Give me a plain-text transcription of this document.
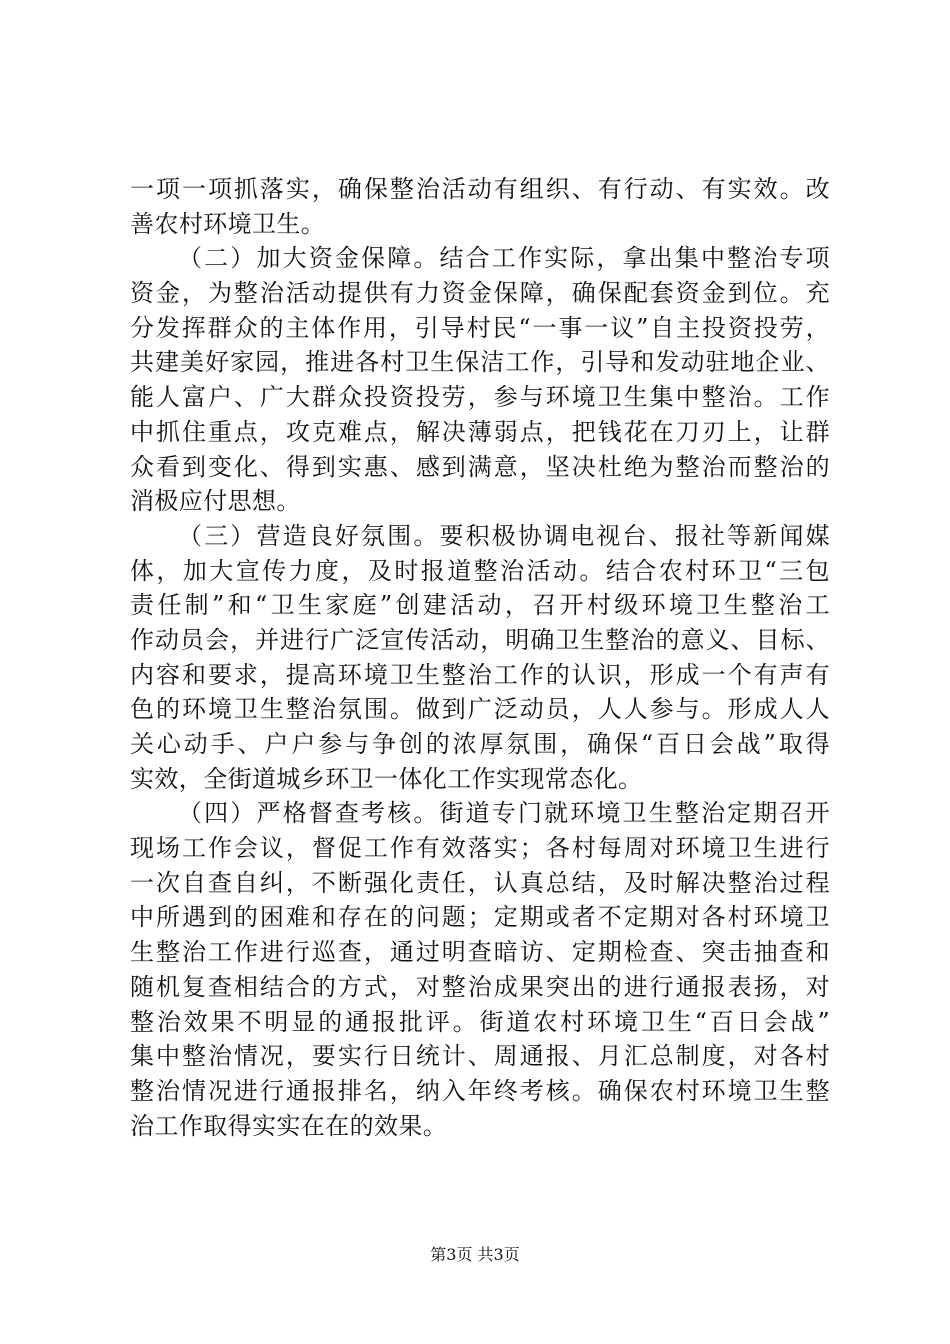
一项一项抓落实，确保整治活动有组织、有行动、有实效。改
善农村环境卫生。
（二）加大资金保障。结合工作实际，拿出集中整治专项
资金，为整治活动提供有力资金保障，确保配套资金到位。充
分发挥群众的主体作用，引导村民“一事一议”自主投资投劳，
共建美好家园，推进各村卫生保洁工作，引导和发动驻地企业、
能人富户、广大群众投资投劳，参与环境卫生集中整治。工作
中抓住重点，攻克难点，解决薄弱点，把钱花在刀刃上，让群
众看到变化、得到实惠、感到满意，坚决杜绝为整治而整治的
消极应付思想。
（三）营造良好氛围。要积极协调电视台、报社等新闻媒
体，加大宣传力度，及时报道整治活动。结合农村环卫“三包
责任制”和“卫生家庭”创建活动，召开村级环境卫生整治工
作动员会，并进行广泛宣传活动，明确卫生整治的意义、目标、
内容和要求，提高环境卫生整治工作的认识，形成一个有声有
色的环境卫生整治氛围。做到广泛动员，人人参与。形成人人
关心动手、户户参与争创的浓厚氛围，确保“百日会战”取得
实效，全街道城乡环卫一体化工作实现常态化。
（四）严格督查考核。街道专门就环境卫生整治定期召开
现场工作会议，督促工作有效落实；各村每周对环境卫生进行
一次自查自纠，不断强化责任，认真总结，及时解决整治过程
中所遇到的困难和存在的问题；定期或者不定期对各村环境卫
生整治工作进行巡查，通过明查暗访、定期检查、突击抽查和
随机复查相结合的方式，对整治成果突出的进行通报表扬，对
整治效果不明显的通报批评。街道农村环境卫生“百日会战”
集中整治情况，要实行日统计、周通报、月汇总制度，对各村
整治情况进行通报排名，纳入年终考核。确保农村环境卫生整
治工作取得实实在在的效果。
第3页 共3页
